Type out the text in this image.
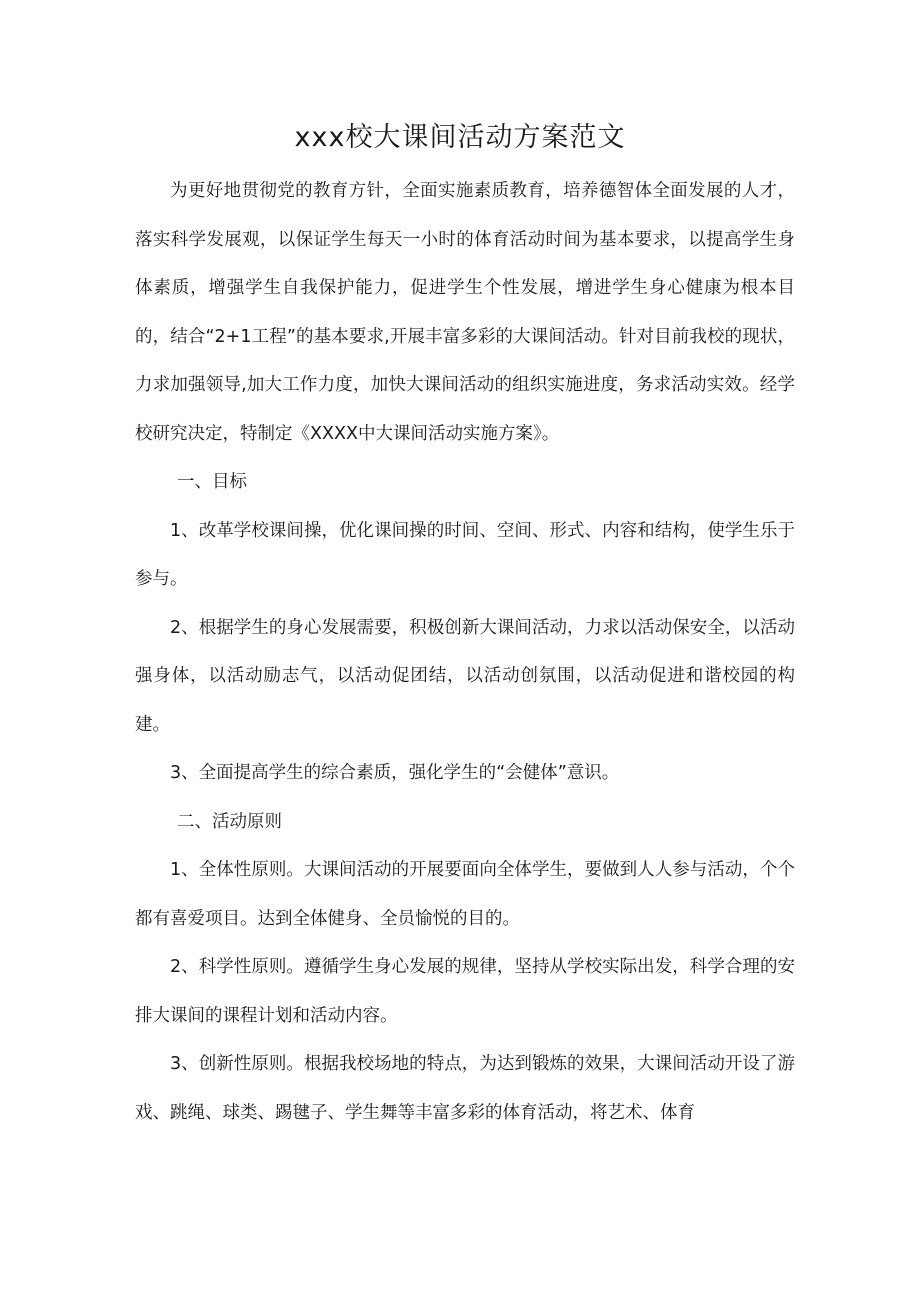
xxx校大课间活动方案范文

为更好地贯彻党的教育方针，全面实施素质教育，培养德智体全面发展的人才，落实科学发展观，以保证学生每天一小时的体育活动时间为基本要求，以提高学生身体素质，增强学生自我保护能力，促进学生个性发展，增进学生身心健康为根本目的，结合“2+1工程”的基本要求,开展丰富多彩的大课间活动。针对目前我校的现状，力求加强领导,加大工作力度，加快大课间活动的组织实施进度，务求活动实效。经学校研究决定，特制定《XXXX中大课间活动实施方案》。

一、目标

1、改革学校课间操，优化课间操的时间、空间、形式、内容和结构，使学生乐于参与。

2、根据学生的身心发展需要，积极创新大课间活动，力求以活动保安全，以活动强身体，以活动励志气，以活动促团结，以活动创氛围，以活动促进和谐校园的构建。

3、全面提高学生的综合素质，强化学生的“会健体”意识。

二、活动原则

1、全体性原则。大课间活动的开展要面向全体学生，要做到人人参与活动，个个都有喜爱项目。达到全体健身、全员愉悦的目的。

2、科学性原则。遵循学生身心发展的规律，坚持从学校实际出发，科学合理的安排大课间的课程计划和活动内容。

3、创新性原则。根据我校场地的特点，为达到锻炼的效果，大课间活动开设了游戏、跳绳、球类、踢毽子、学生舞等丰富多彩的体育活动，将艺术、体育
